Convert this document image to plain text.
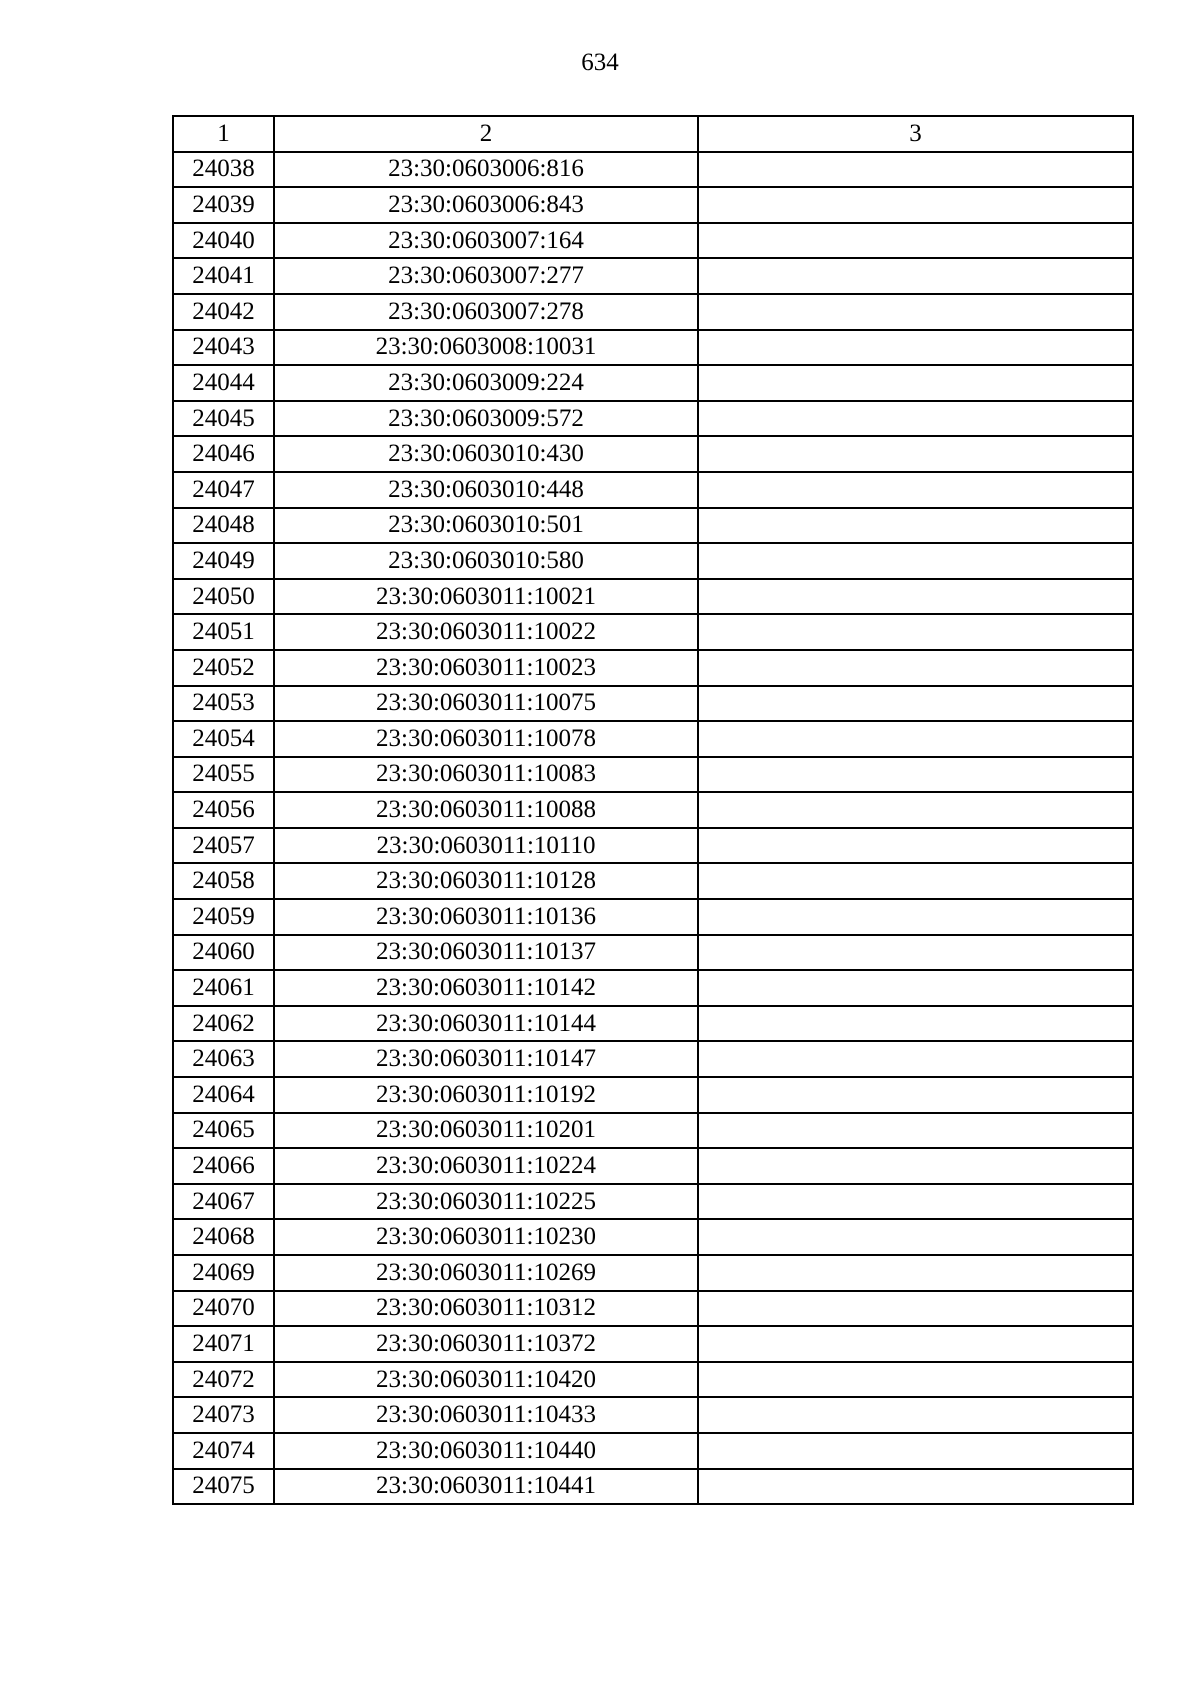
634
1	2	3
24038	23:30:0603006:816	
24039	23:30:0603006:843	
24040	23:30:0603007:164	
24041	23:30:0603007:277	
24042	23:30:0603007:278	
24043	23:30:0603008:10031	
24044	23:30:0603009:224	
24045	23:30:0603009:572	
24046	23:30:0603010:430	
24047	23:30:0603010:448	
24048	23:30:0603010:501	
24049	23:30:0603010:580	
24050	23:30:0603011:10021	
24051	23:30:0603011:10022	
24052	23:30:0603011:10023	
24053	23:30:0603011:10075	
24054	23:30:0603011:10078	
24055	23:30:0603011:10083	
24056	23:30:0603011:10088	
24057	23:30:0603011:10110	
24058	23:30:0603011:10128	
24059	23:30:0603011:10136	
24060	23:30:0603011:10137	
24061	23:30:0603011:10142	
24062	23:30:0603011:10144	
24063	23:30:0603011:10147	
24064	23:30:0603011:10192	
24065	23:30:0603011:10201	
24066	23:30:0603011:10224	
24067	23:30:0603011:10225	
24068	23:30:0603011:10230	
24069	23:30:0603011:10269	
24070	23:30:0603011:10312	
24071	23:30:0603011:10372	
24072	23:30:0603011:10420	
24073	23:30:0603011:10433	
24074	23:30:0603011:10440	
24075	23:30:0603011:10441	
